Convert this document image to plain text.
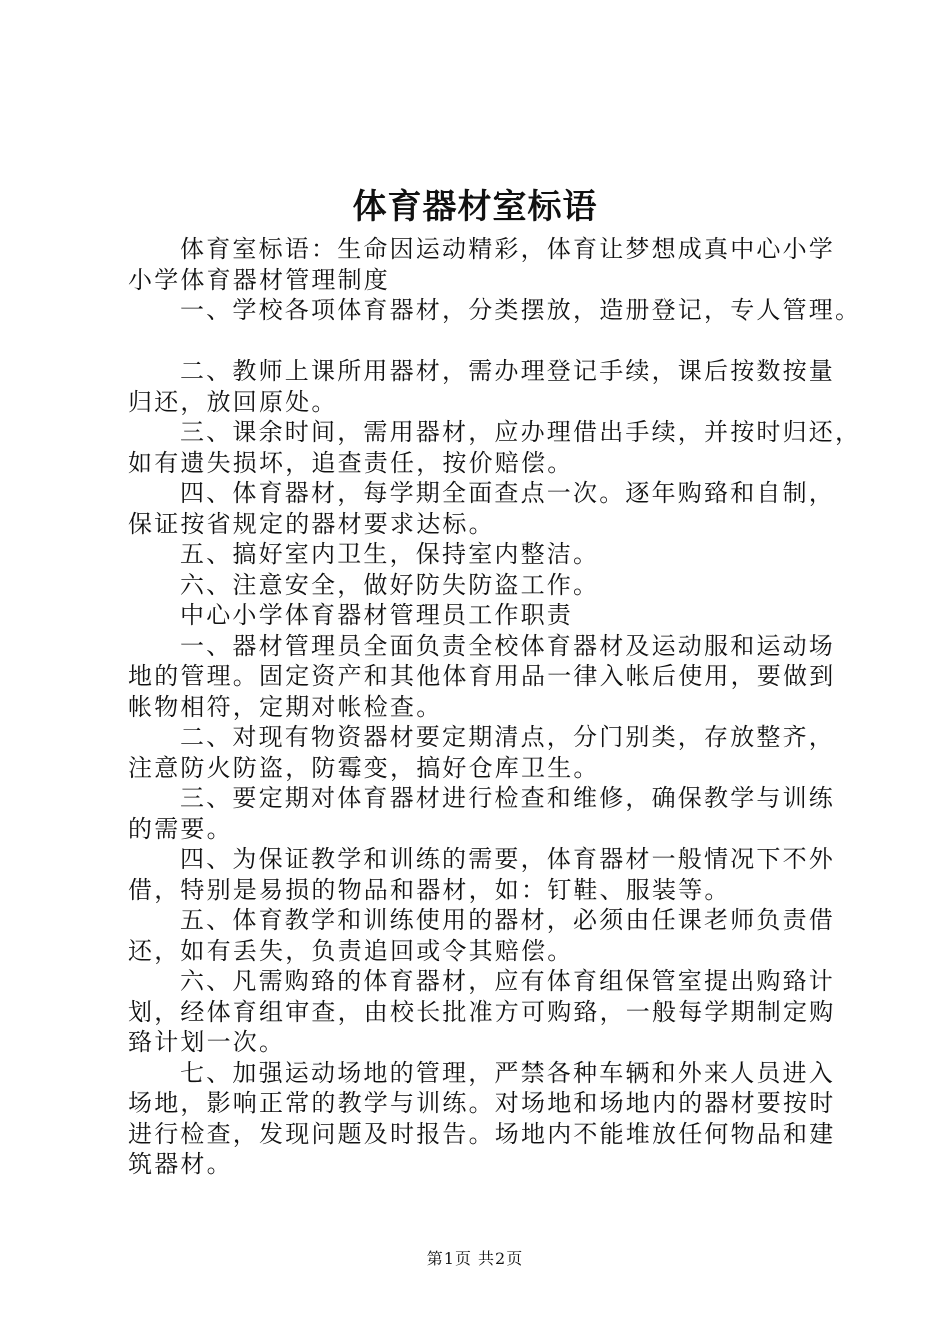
体育器材室标语
体育室标语：生命因运动精彩，体育让梦想成真中心小学
小学体育器材管理制度
一、学校各项体育器材，分类摆放，造册登记，专人管理。
二、教师上课所用器材，需办理登记手续，课后按数按量
归还，放回原处。
三、课余时间，需用器材，应办理借出手续，并按时归还，
如有遗失损坏，追查责任，按价赔偿。
四、体育器材，每学期全面查点一次。逐年购臵和自制，
保证按省规定的器材要求达标。
五、搞好室内卫生，保持室内整洁。
六、注意安全，做好防失防盗工作。
中心小学体育器材管理员工作职责
一、器材管理员全面负责全校体育器材及运动服和运动场
地的管理。固定资产和其他体育用品一律入帐后使用，要做到
帐物相符，定期对帐检查。
二、对现有物资器材要定期清点，分门别类，存放整齐，
注意防火防盗，防霉变，搞好仓库卫生。
三、要定期对体育器材进行检查和维修，确保教学与训练
的需要。
四、为保证教学和训练的需要，体育器材一般情况下不外
借，特别是易损的物品和器材，如：钉鞋、服装等。
五、体育教学和训练使用的器材，必须由任课老师负责借
还，如有丢失，负责追回或令其赔偿。
六、凡需购臵的体育器材，应有体育组保管室提出购臵计
划，经体育组审查，由校长批准方可购臵，一般每学期制定购
臵计划一次。
七、加强运动场地的管理，严禁各种车辆和外来人员进入
场地，影响正常的教学与训练。对场地和场地内的器材要按时
进行检查，发现问题及时报告。场地内不能堆放任何物品和建
筑器材。
第1页 共2页
